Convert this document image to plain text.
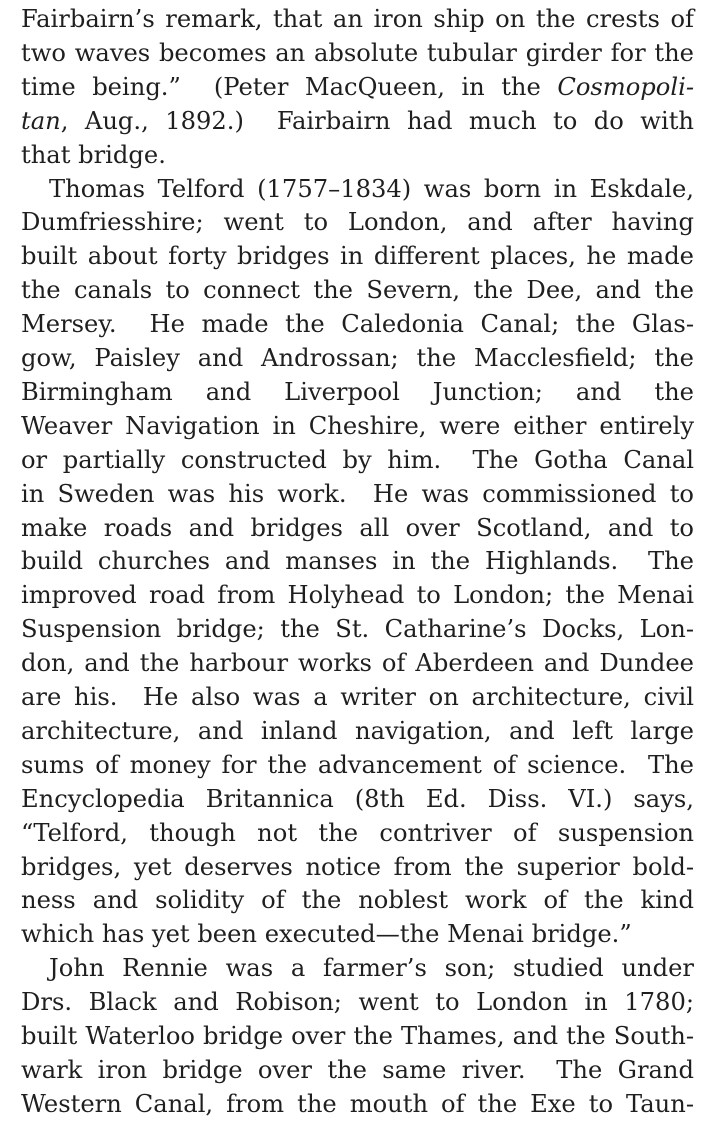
Fairbairn’s remark, that an iron ship on the crests of
two waves becomes an absolute tubular girder for the
time being.”  (Peter MacQueen, in the Cosmopoli-
tan, Aug., 1892.)  Fairbairn had much to do with
that bridge.
Thomas Telford (1757–1834) was born in Eskdale,
Dumfriesshire; went to London, and after having
built about forty bridges in different places, he made
the canals to connect the Severn, the Dee, and the
Mersey.  He made the Caledonia Canal; the Glas-
gow, Paisley and Androssan; the Macclesfield; the
Birmingham and Liverpool Junction; and the
Weaver Navigation in Cheshire, were either entirely
or partially constructed by him.  The Gotha Canal
in Sweden was his work.  He was commissioned to
make roads and bridges all over Scotland, and to
build churches and manses in the Highlands.  The
improved road from Holyhead to London; the Menai
Suspension bridge; the St. Catharine’s Docks, Lon-
don, and the harbour works of Aberdeen and Dundee
are his.  He also was a writer on architecture, civil
architecture, and inland navigation, and left large
sums of money for the advancement of science.  The
Encyclopedia Britannica (8th Ed. Diss. VI.) says,
“Telford, though not the contriver of suspension
bridges, yet deserves notice from the superior bold-
ness and solidity of the noblest work of the kind
which has yet been executed—the Menai bridge.”
John Rennie was a farmer’s son; studied under
Drs. Black and Robison; went to London in 1780;
built Waterloo bridge over the Thames, and the South-
wark iron bridge over the same river.  The Grand
Western Canal, from the mouth of the Exe to Taun-
